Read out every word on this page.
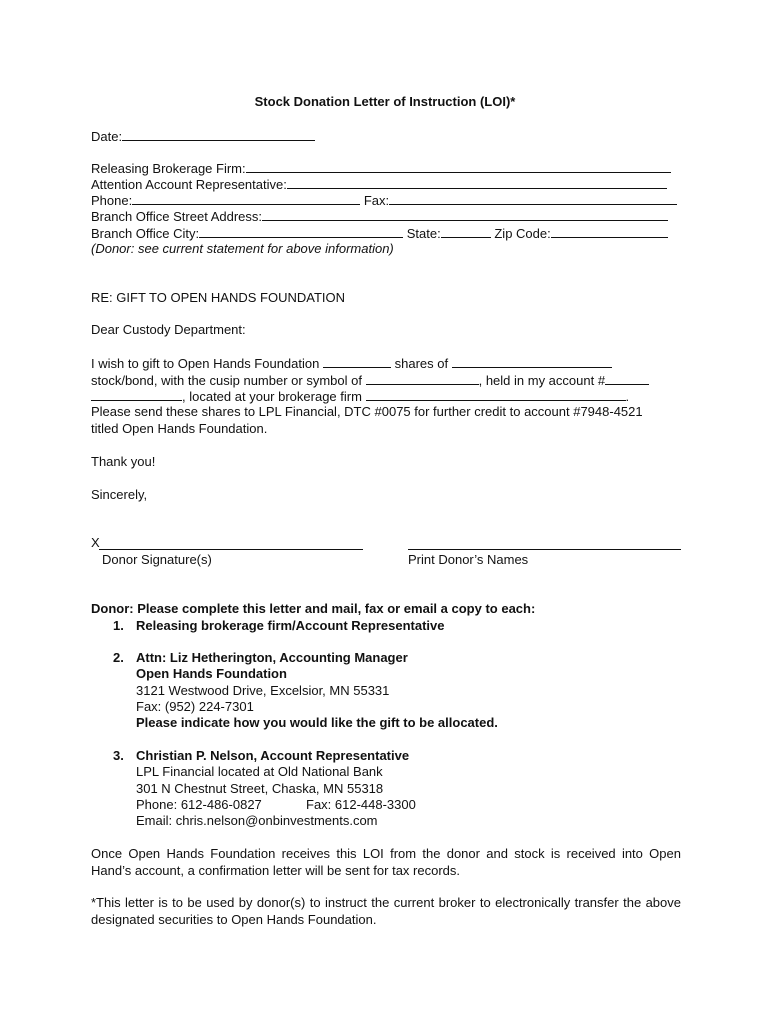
Stock Donation Letter of Instruction (LOI)*
Date:
Releasing Brokerage Firm:
Attention Account Representative:
Phone:	Fax:
Branch Office Street Address:
Branch Office City:	State:	Zip Code:
(Donor: see current statement for above information)
RE: GIFT TO OPEN HANDS FOUNDATION
Dear Custody Department:
I wish to gift to Open Hands Foundation	shares of
stock/bond, with the cusip number or symbol of	, held in my account #
, located at your brokerage firm	.
Please send these shares to LPL Financial, DTC #0075 for further credit to account #7948-4521
titled Open Hands Foundation.
Thank you!
Sincerely,
X
Donor Signature(s)	Print Donor’s Names
Donor: Please complete this letter and mail, fax or email a copy to each:
1. Releasing brokerage firm/Account Representative
2. Attn: Liz Hetherington, Accounting Manager
Open Hands Foundation
3121 Westwood Drive, Excelsior, MN 55331
Fax: (952) 224-7301
Please indicate how you would like the gift to be allocated.
3. Christian P. Nelson, Account Representative
LPL Financial located at Old National Bank
301 N Chestnut Street, Chaska, MN 55318
Phone: 612-486-0827	Fax: 612-448-3300
Email: chris.nelson@onbinvestments.com
Once Open Hands Foundation receives this LOI from the donor and stock is received into Open Hand’s account, a confirmation letter will be sent for tax records.
*This letter is to be used by donor(s) to instruct the current broker to electronically transfer the above designated securities to Open Hands Foundation.
